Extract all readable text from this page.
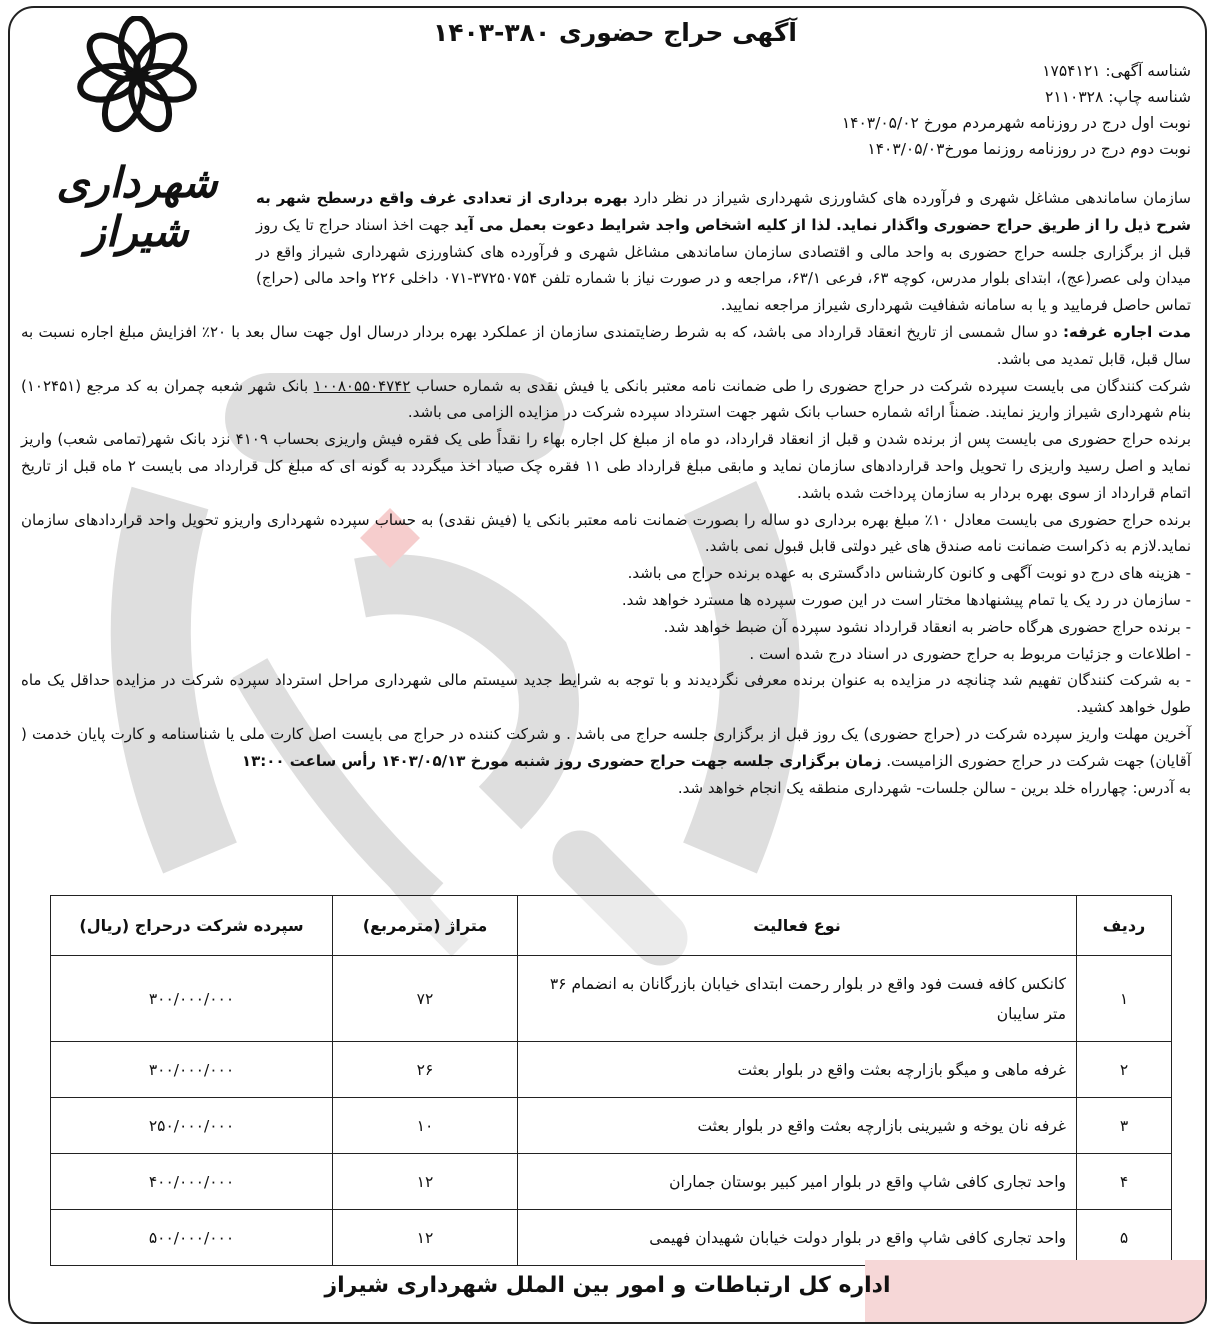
شهرداری شیراز
آگهی حراج حضوری ۳۸۰-۱۴۰۳
شناسه آگهی: ۱۷۵۴۱۲۱
شناسه چاپ: ۲۱۱۰۳۲۸
نوبت اول درج در روزنامه شهرمردم مورخ ۱۴۰۳/۰۵/۰۲
نوبت دوم درج در روزنامه روزنما مورخ۱۴۰۳/۰۵/۰۳

سازمان ساماندهی مشاغل شهری و فرآورده های کشاورزی شهرداری شیراز در نظر دارد بهره برداری از تعدادی غرف واقع درسطح شهر به شرح ذیل را از طریق حراج حضوری واگذار نماید. لذا از کلیه اشخاص واجد شرایط دعوت بعمل می آید جهت اخذ اسناد حراج تا یک روز قبل از برگزاری جلسه حراج حضوری به واحد مالی و اقتصادی سازمان ساماندهی مشاغل شهری و فرآورده های کشاورزی شهرداری شیراز واقع در میدان ولی عصر(عج)، ابتدای بلوار مدرس، کوچه ۶۳، فرعی ۶۳/۱، مراجعه و در صورت نیاز با شماره تلفن ۳۷۲۵۰۷۵۴-۰۷۱ داخلی ۲۲۶ واحد مالی (حراج) تماس حاصل فرمایید و یا به سامانه شفافیت شهرداری شیراز مراجعه نمایید.

مدت اجاره غرفه: دو سال شمسی از تاریخ انعقاد قرارداد می باشد، که به شرط رضایتمندی سازمان از عملکرد بهره بردار درسال اول جهت سال بعد با ۲۰٪ افزایش مبلغ اجاره نسبت به سال قبل، قابل تمدید می باشد.

شرکت کنندگان می بایست سپرده شرکت در حراج حضوری را طی ضمانت نامه معتبر بانکی یا فیش نقدی به شماره حساب ۱۰۰۸۰۵۵۰۴۷۴۲ بانک شهر شعبه چمران به کد مرجع (۱۰۲۴۵۱) بنام شهرداری شیراز واریز نمایند. ضمناً ارائه شماره حساب بانک شهر جهت استرداد سپرده شرکت در مزایده الزامی می باشد.

برنده حراج حضوری می بایست پس از برنده شدن و قبل از انعقاد قرارداد، دو ماه از مبلغ کل اجاره بهاء را نقداً طی یک فقره فیش واریزی بحساب ۴۱۰۹ نزد بانک شهر(تمامی شعب) واریز نماید و اصل رسید واریزی را تحویل واحد قراردادهای سازمان نماید و مابقی مبلغ قرارداد طی ۱۱ فقره چک صیاد اخذ میگردد به گونه ای که مبلغ کل قرارداد می بایست ۲ ماه قبل از تاریخ اتمام قرارداد از سوی بهره بردار به سازمان پرداخت شده باشد.

برنده حراج حضوری می بایست معادل ۱۰٪ مبلغ بهره برداری دو ساله را بصورت ضمانت نامه معتبر بانکی یا (فیش نقدی) به حساب سپرده شهرداری واریزو تحویل واحد قراردادهای سازمان نماید.لازم به ذکراست ضمانت نامه صندق های غیر دولتی قابل قبول نمی باشد.

- هزینه های درج دو نوبت آگهی و کانون کارشناس دادگستری به عهده برنده حراج می باشد.

- سازمان در رد یک یا تمام پیشنهادها مختار است در این صورت سپرده ها مسترد خواهد شد.

- برنده حراج حضوری هرگاه حاضر به انعقاد قرارداد نشود سپرده آن ضبط خواهد شد.

- اطلاعات و جزئیات مربوط به حراج حضوری در اسناد درج شده است .

- به شرکت کنندگان تفهیم شد چنانچه در مزایده به عنوان برنده معرفی نگردیدند و با توجه به شرایط جدید سیستم مالی شهرداری مراحل استرداد سپرده شرکت در مزایده حداقل یک ماه طول خواهد کشید.

آخرین مهلت واریز سپرده شرکت در (حراج حضوری) یک روز قبل از برگزاری جلسه حراج می باشد . و شرکت کننده در حراج می بایست اصل کارت ملی یا شناسنامه و کارت پایان خدمت ( آقایان) جهت شرکت در حراج حضوری الزامیست. زمان برگزاری جلسه جهت حراج حضوری روز شنبه مورخ ۱۴۰۳/۰۵/۱۳ رأس ساعت ۱۳:۰۰

به آدرس: چهارراه خلد برین - سالن جلسات- شهرداری منطقه یک انجام خواهد شد.

ردیف	نوع فعالیت	متراژ (مترمربع)	سپرده شرکت درحراج (ریال)
۱	کانکس کافه فست فود واقع در بلوار رحمت ابتدای خیابان بازرگانان به انضمام ۳۶ متر سایبان	۷۲	۳۰۰/۰۰۰/۰۰۰
۲	غرفه ماهی و میگو بازارچه بعثت واقع در بلوار بعثت	۲۶	۳۰۰/۰۰۰/۰۰۰
۳	غرفه نان یوخه و شیرینی بازارچه بعثت واقع در بلوار بعثت	۱۰	۲۵۰/۰۰۰/۰۰۰
۴	واحد تجاری کافی شاپ واقع در بلوار امیر کبیر بوستان جماران	۱۲	۴۰۰/۰۰۰/۰۰۰
۵	واحد تجاری کافی شاپ واقع در بلوار دولت خیابان شهیدان فهیمی	۱۲	۵۰۰/۰۰۰/۰۰۰
اداره کل ارتباطات و امور بین الملل شهرداری شیراز
